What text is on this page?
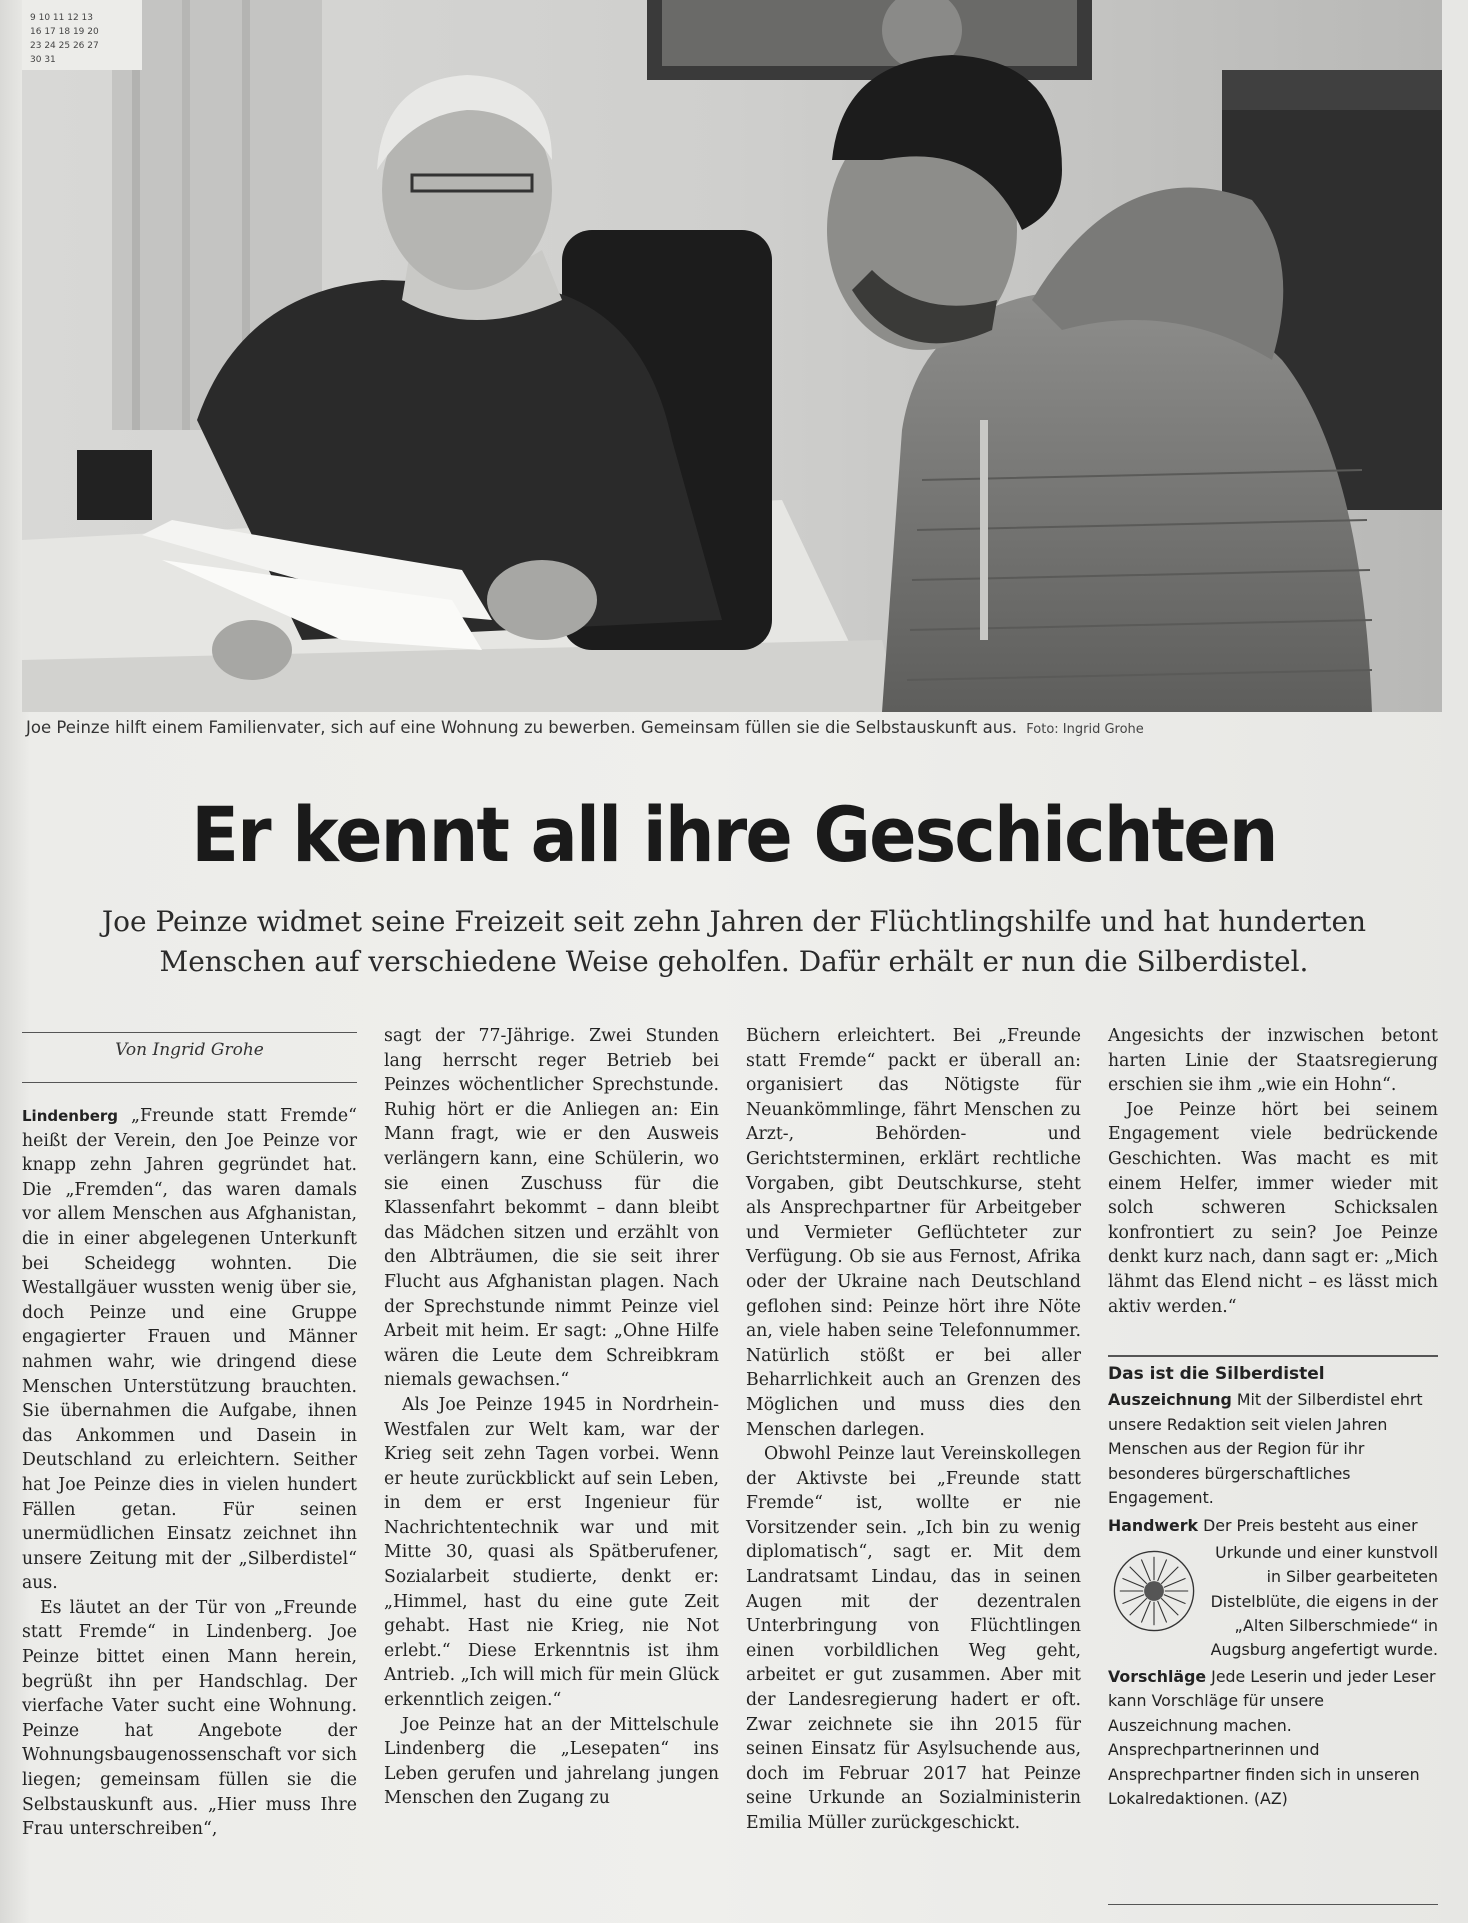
9 10 11 12 13
16 17 18 19 20
23 24 25 26 27
30 31
Joe Peinze hilft einem Familienvater, sich auf eine Wohnung zu bewerben. Gemeinsam füllen sie die Selbstauskunft aus. Foto: Ingrid Grohe
Er kennt all ihre Geschichten
Joe Peinze widmet seine Freizeit seit zehn Jahren der Flüchtlingshilfe und hat hunderten
Menschen auf verschiedene Weise geholfen. Dafür erhält er nun die Silberdistel.
Von Ingrid Grohe

Lindenberg „Freunde statt Fremde“ heißt der Verein, den Joe Peinze vor knapp zehn Jahren gegründet hat. Die „Fremden“, das waren damals vor allem Menschen aus Afghanistan, die in einer abgelegenen Unterkunft bei Scheidegg wohnten. Die Westallgäuer wussten wenig über sie, doch Peinze und eine Gruppe engagierter Frauen und Männer nahmen wahr, wie dringend diese Menschen Unterstützung brauchten. Sie übernahmen die Aufgabe, ihnen das Ankommen und Dasein in Deutschland zu erleichtern. Seither hat Joe Peinze dies in vielen hundert Fällen getan. Für seinen unermüdlichen Einsatz zeichnet ihn unsere Zeitung mit der „Silberdistel“ aus.

Es läutet an der Tür von „Freunde statt Fremde“ in Lindenberg. Joe Peinze bittet einen Mann herein, begrüßt ihn per Handschlag. Der vierfache Vater sucht eine Wohnung. Peinze hat Angebote der Wohnungsbaugenossenschaft vor sich liegen; gemeinsam füllen sie die Selbstauskunft aus. „Hier muss Ihre Frau unterschreiben“,

sagt der 77-Jährige. Zwei Stunden lang herrscht reger Betrieb bei Peinzes wöchentlicher Sprechstunde. Ruhig hört er die Anliegen an: Ein Mann fragt, wie er den Ausweis verlängern kann, eine Schülerin, wo sie einen Zuschuss für die Klassenfahrt bekommt – dann bleibt das Mädchen sitzen und erzählt von den Albträumen, die sie seit ihrer Flucht aus Afghanistan plagen. Nach der Sprechstunde nimmt Peinze viel Arbeit mit heim. Er sagt: „Ohne Hilfe wären die Leute dem Schreibkram niemals gewachsen.“

Als Joe Peinze 1945 in Nordrhein-Westfalen zur Welt kam, war der Krieg seit zehn Tagen vorbei. Wenn er heute zurückblickt auf sein Leben, in dem er erst Ingenieur für Nachrichtentechnik war und mit Mitte 30, quasi als Spätberufener, Sozialarbeit studierte, denkt er: „Himmel, hast du eine gute Zeit gehabt. Hast nie Krieg, nie Not erlebt.“ Diese Erkenntnis ist ihm Antrieb. „Ich will mich für mein Glück erkenntlich zeigen.“

Joe Peinze hat an der Mittelschule Lindenberg die „Lesepaten“ ins Leben gerufen und jahrelang jungen Menschen den Zugang zu

Büchern erleichtert. Bei „Freunde statt Fremde“ packt er überall an: organisiert das Nötigste für Neuankömmlinge, fährt Menschen zu Arzt-, Behörden- und Gerichtsterminen, erklärt rechtliche Vorgaben, gibt Deutschkurse, steht als Ansprechpartner für Arbeitgeber und Vermieter Geflüchteter zur Verfügung. Ob sie aus Fernost, Afrika oder der Ukraine nach Deutschland geflohen sind: Peinze hört ihre Nöte an, viele haben seine Telefonnummer. Natürlich stößt er bei aller Beharrlichkeit auch an Grenzen des Möglichen und muss dies den Menschen darlegen.

Obwohl Peinze laut Vereinskollegen der Aktivste bei „Freunde statt Fremde“ ist, wollte er nie Vorsitzender sein. „Ich bin zu wenig diplomatisch“, sagt er. Mit dem Landratsamt Lindau, das in seinen Augen mit der dezentralen Unterbringung von Flüchtlingen einen vorbildlichen Weg geht, arbeitet er gut zusammen. Aber mit der Landesregierung hadert er oft. Zwar zeichnete sie ihn 2015 für seinen Einsatz für Asylsuchende aus, doch im Februar 2017 hat Peinze seine Urkunde an Sozialministerin Emilia Müller zurückgeschickt.

Angesichts der inzwischen betont harten Linie der Staatsregierung erschien sie ihm „wie ein Hohn“.

Joe Peinze hört bei seinem Engagement viele bedrückende Geschichten. Was macht es mit einem Helfer, immer wieder mit solch schweren Schicksalen konfrontiert zu sein? Joe Peinze denkt kurz nach, dann sagt er: „Mich lähmt das Elend nicht – es lässt mich aktiv werden.“

Das ist die Silberdistel
Auszeichnung Mit der Silberdistel ehrt unsere Redaktion seit vielen Jahren Menschen aus der Region für ihr besonderes bürgerschaftliches Engagement.
Handwerk Der Preis besteht aus einer
Urkunde und einer kunstvoll in Silber gearbeiteten Distelblüte, die eigens in der „Alten Silberschmiede“ in Augsburg angefertigt wurde.
Vorschläge Jede Leserin und jeder Leser kann Vorschläge für unsere Auszeichnung machen. Ansprechpartnerinnen und Ansprechpartner finden sich in unseren Lokalredaktionen. (AZ)
